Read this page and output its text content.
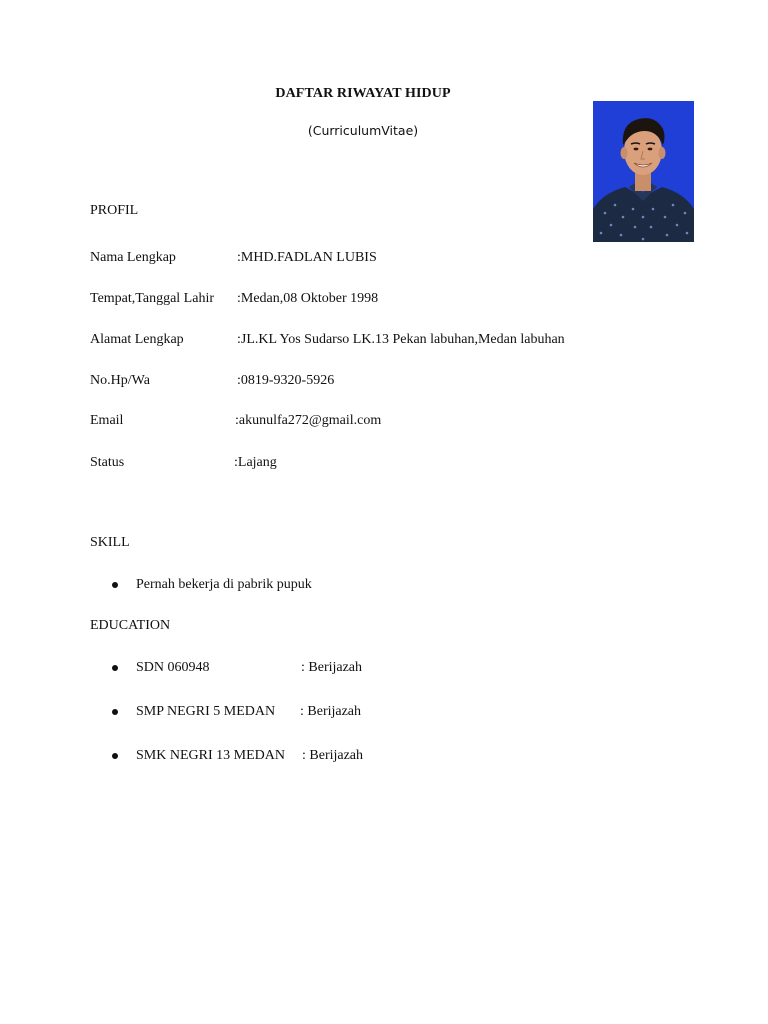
DAFTAR RIWAYAT HIDUP
(CurriculumVitae)
PROFIL
Nama Lengkap	:MHD.FADLAN LUBIS
Tempat,Tanggal Lahir :Medan,08 Oktober 1998
Alamat Lengkap	:JL.KL Yos Sudarso LK.13 Pekan labuhan,Medan labuhan
No.Hp/Wa	:0819-9320-5926
Email	:akunulfa272@gmail.com
Status	:Lajang
SKILL
Pernah bekerja di pabrik pupuk
EDUCATION
SDN 060948	: Berijazah
SMP NEGRI 5 MEDAN : Berijazah
SMK NEGRI 13 MEDAN : Berijazah
